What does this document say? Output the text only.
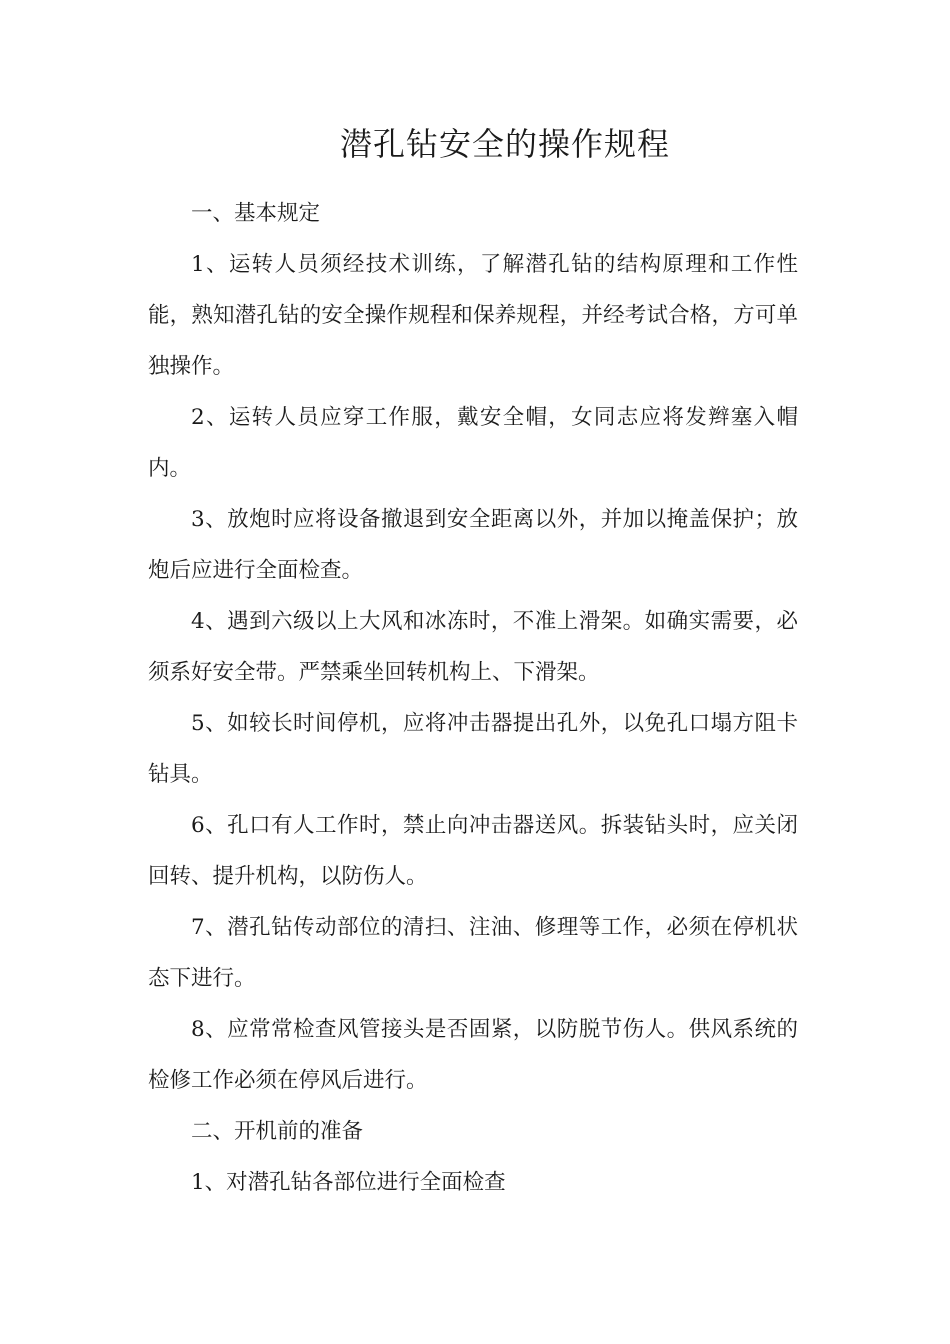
潜孔钻安全的操作规程

一、基本规定

1、运转人员须经技术训练，了解潜孔钻的结构原理和工作性能，熟知潜孔钻的安全操作规程和保养规程，并经考试合格，方可单独操作。

2、运转人员应穿工作服，戴安全帽，女同志应将发辫塞入帽内。

3、放炮时应将设备撤退到安全距离以外，并加以掩盖保护；放炮后应进行全面检查。

4、遇到六级以上大风和冰冻时，不准上滑架。如确实需要，必须系好安全带。严禁乘坐回转机构上、下滑架。

5、如较长时间停机，应将冲击器提出孔外，以免孔口塌方阻卡钻具。

6、孔口有人工作时，禁止向冲击器送风。拆装钻头时，应关闭回转、提升机构，以防伤人。

7、潜孔钻传动部位的清扫、注油、修理等工作，必须在停机状态下进行。

8、应常常检查风管接头是否固紧，以防脱节伤人。供风系统的检修工作必须在停风后进行。

二、开机前的准备

1、对潜孔钻各部位进行全面检查
